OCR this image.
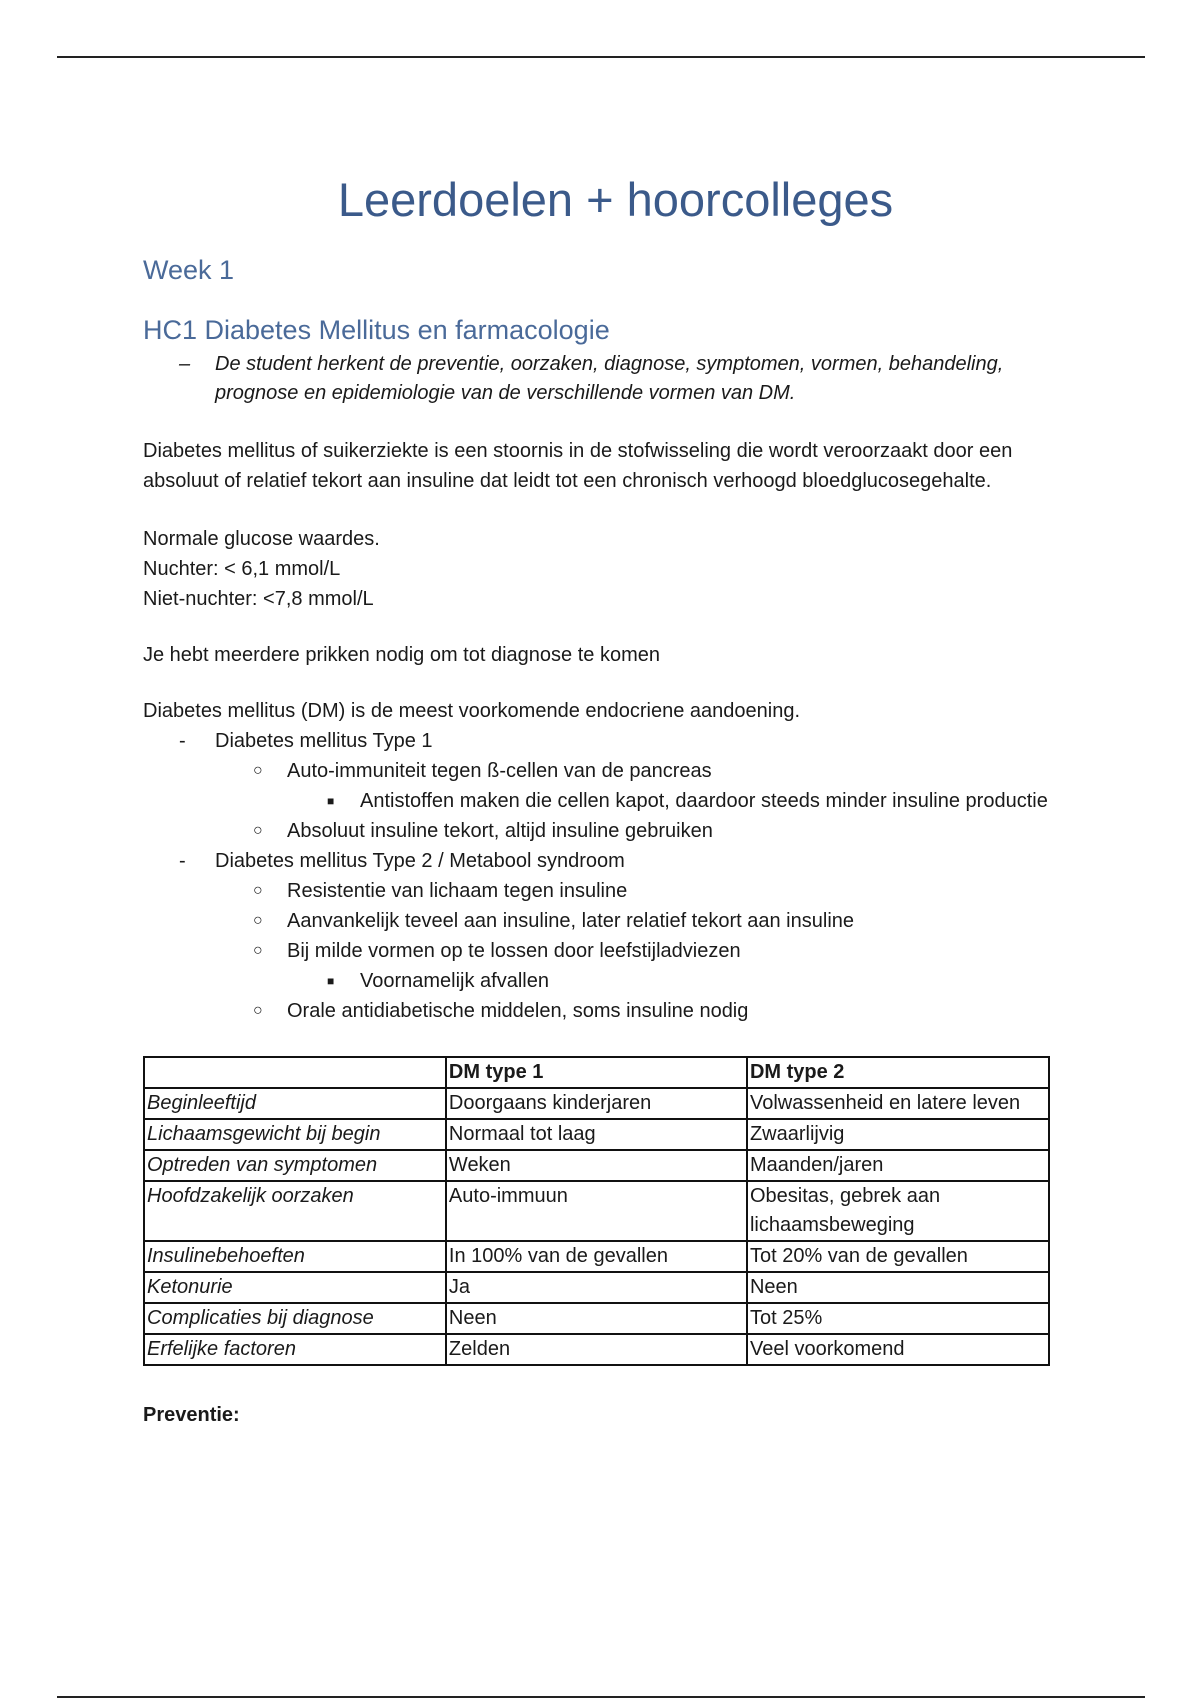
Leerdoelen + hoorcolleges
Week 1
HC1 Diabetes Mellitus en farmacologie
– De student herkent de preventie, oorzaken, diagnose, symptomen, vormen, behandeling, prognose en epidemiologie van de verschillende vormen van DM.

Diabetes mellitus of suikerziekte is een stoornis in de stofwisseling die wordt veroorzaakt door een absoluut of relatief tekort aan insuline dat leidt tot een chronisch verhoogd bloedglucosegehalte.

Normale glucose waardes.

Nuchter: < 6,1 mmol/L

Niet-nuchter: <7,8 mmol/L

Je hebt meerdere prikken nodig om tot diagnose te komen

Diabetes mellitus (DM) is de meest voorkomende endocriene aandoening.

- Diabetes mellitus Type 1
○ Auto-immuniteit tegen ß-cellen van de pancreas
■ Antistoffen maken die cellen kapot, daardoor steeds minder insuline productie
○ Absoluut insuline tekort, altijd insuline gebruiken
- Diabetes mellitus Type 2 / Metabool syndroom
○ Resistentie van lichaam tegen insuline
○ Aanvankelijk teveel aan insuline, later relatief tekort aan insuline
○ Bij milde vormen op te lossen door leefstijladviezen
■ Voornamelijk afvallen
○ Orale antidiabetische middelen, soms insuline nodig
	DM type 1	DM type 2
Beginleeftijd	Doorgaans kinderjaren	Volwassenheid en latere leven
Lichaamsgewicht bij begin	Normaal tot laag	Zwaarlijvig
Optreden van symptomen	Weken	Maanden/jaren
Hoofdzakelijk oorzaken	Auto-immuun	Obesitas, gebrek aan lichaamsbeweging
Insulinebehoeften	In 100% van de gevallen	Tot 20% van de gevallen
Ketonurie	Ja	Neen
Complicaties bij diagnose	Neen	Tot 25%
Erfelijke factoren	Zelden	Veel voorkomend

Preventie:
